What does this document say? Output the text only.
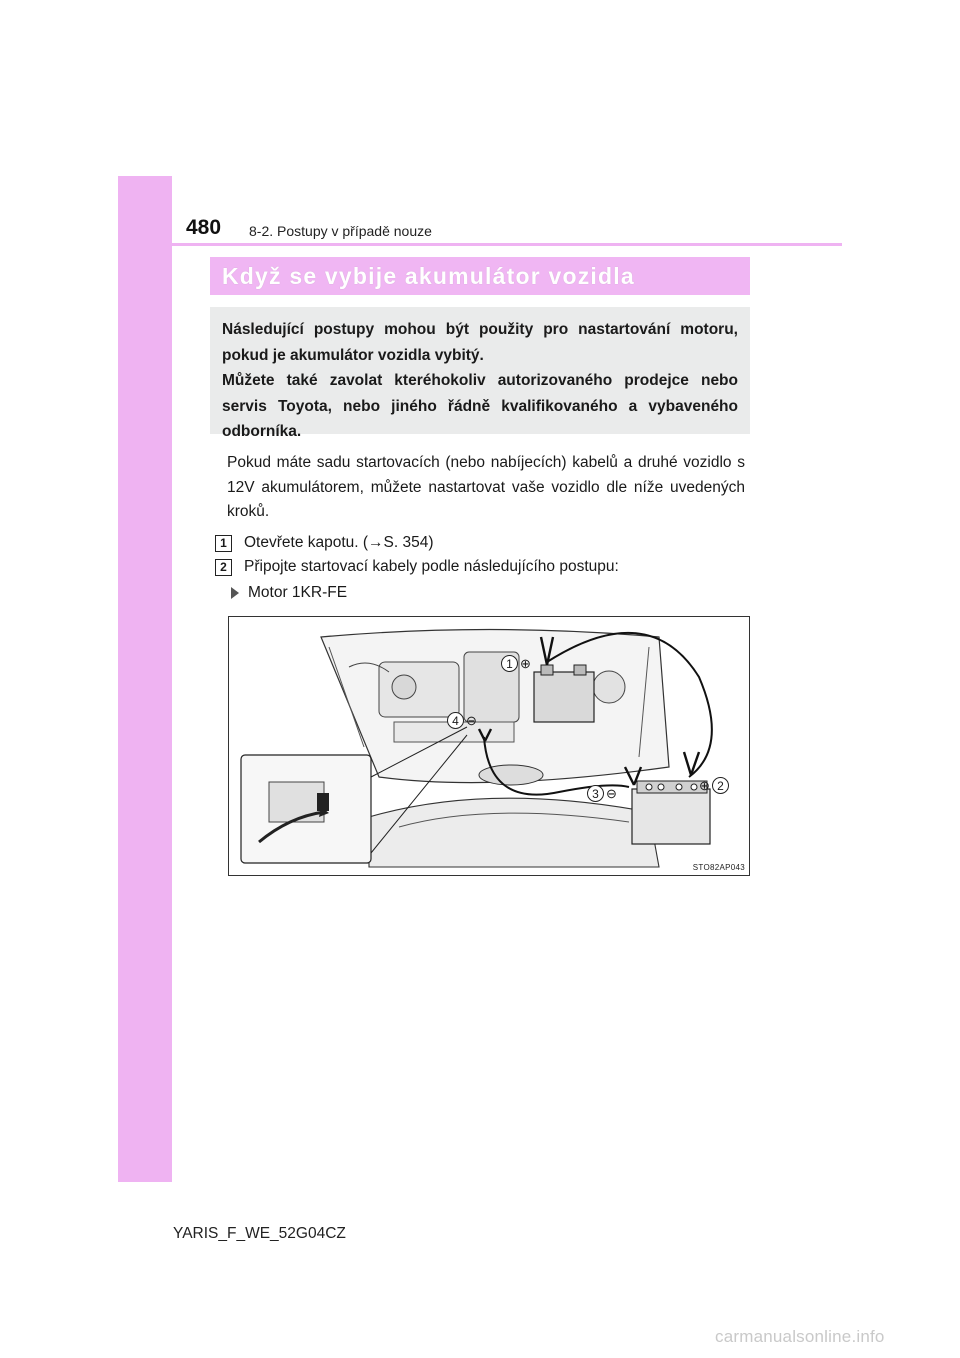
480 8-2. Postupy v případě nouze
Když se vybije akumulátor vozidla

Následující postupy mohou být použity pro nastartování motoru, pokud je akumulátor vozidla vybitý.

Můžete také zavolat kteréhokoliv autorizovaného prodejce nebo servis Toyota, nebo jiného řádně kvalifikovaného a vybaveného odborníka.

Pokud máte sadu startovacích (nebo nabíjecích) kabelů a druhé vozidlo s 12V akumulátorem, můžete nastartovat vaše vozidlo dle níže uvedených kroků.

1	Otevřete kapotu. (→S. 354)
2	Připojte startovací kabely podle následujícího postupu:
Motor 1KR-FE
1 ⊕
4 ⊖
3 ⊖
⊕ 2
STO82AP043
YARIS_F_WE_52G04CZ
carmanualsonline.info
